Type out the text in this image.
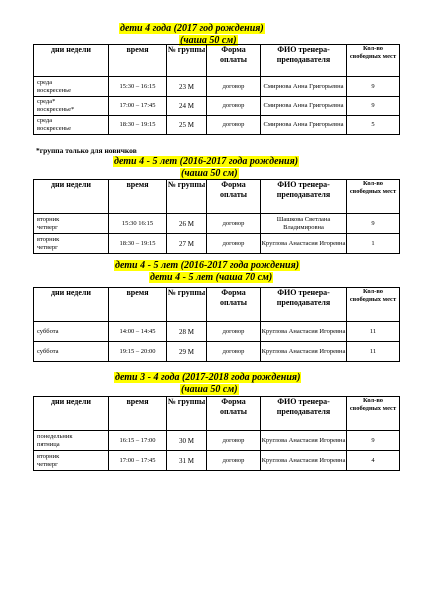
дети 4 года (2017 год рождения)
(чаша 50 см)
дни недели	время	№ группы	Форма оплаты	ФИО тренера-преподавателя	Кол-во свободных мест
среда
воскресенье	15:30 – 16:15	23 М	договор	Смирнова Анна Григорьевна	9
среда*
воскресенье*	17:00 – 17:45	24 М	договор	Смирнова Анна Григорьевна	9
среда
воскресенье	18:30 – 19:15	25 М	договор	Смирнова Анна Григорьевна	5
*группа только для новичков
дети 4 - 5 лет (2016-2017 года рождения)
(чаша 50 см)
дни недели	время	№ группы	Форма оплаты	ФИО тренера-преподавателя	Кол-во свободных мест
вторник
четверг	15:30 16:15	26 М	договор	Шашкова Светлана Владимировна	9
вторник
четверг	18:30 – 19:15	27 М	договор	Круглова Анастасия Игоревна	1
дети 4 - 5 лет (2016-2017 года рождения)
дети 4 - 5 лет (чаша 70 см)
дни недели	время	№ группы	Форма оплаты	ФИО тренера-преподавателя	Кол-во свободных мест
суббота	14:00 – 14:45	28 М	договор	Круглова Анастасия Игоревна	11
суббота	19:15 – 20:00	29 М	договор	Круглова Анастасия Игоревна	11
дети 3 - 4 года (2017-2018 года рождения)
(чаша 50 см)
дни недели	время	№ группы	Форма оплаты	ФИО тренера-преподавателя	Кол-во свободных мест
понедельник
пятница	16:15 – 17:00	30 М	договор	Круглова Анастасия Игоревна	9
вторник
четверг	17:00 – 17:45	31 М	договор	Круглова Анастасия Игоревна	4
